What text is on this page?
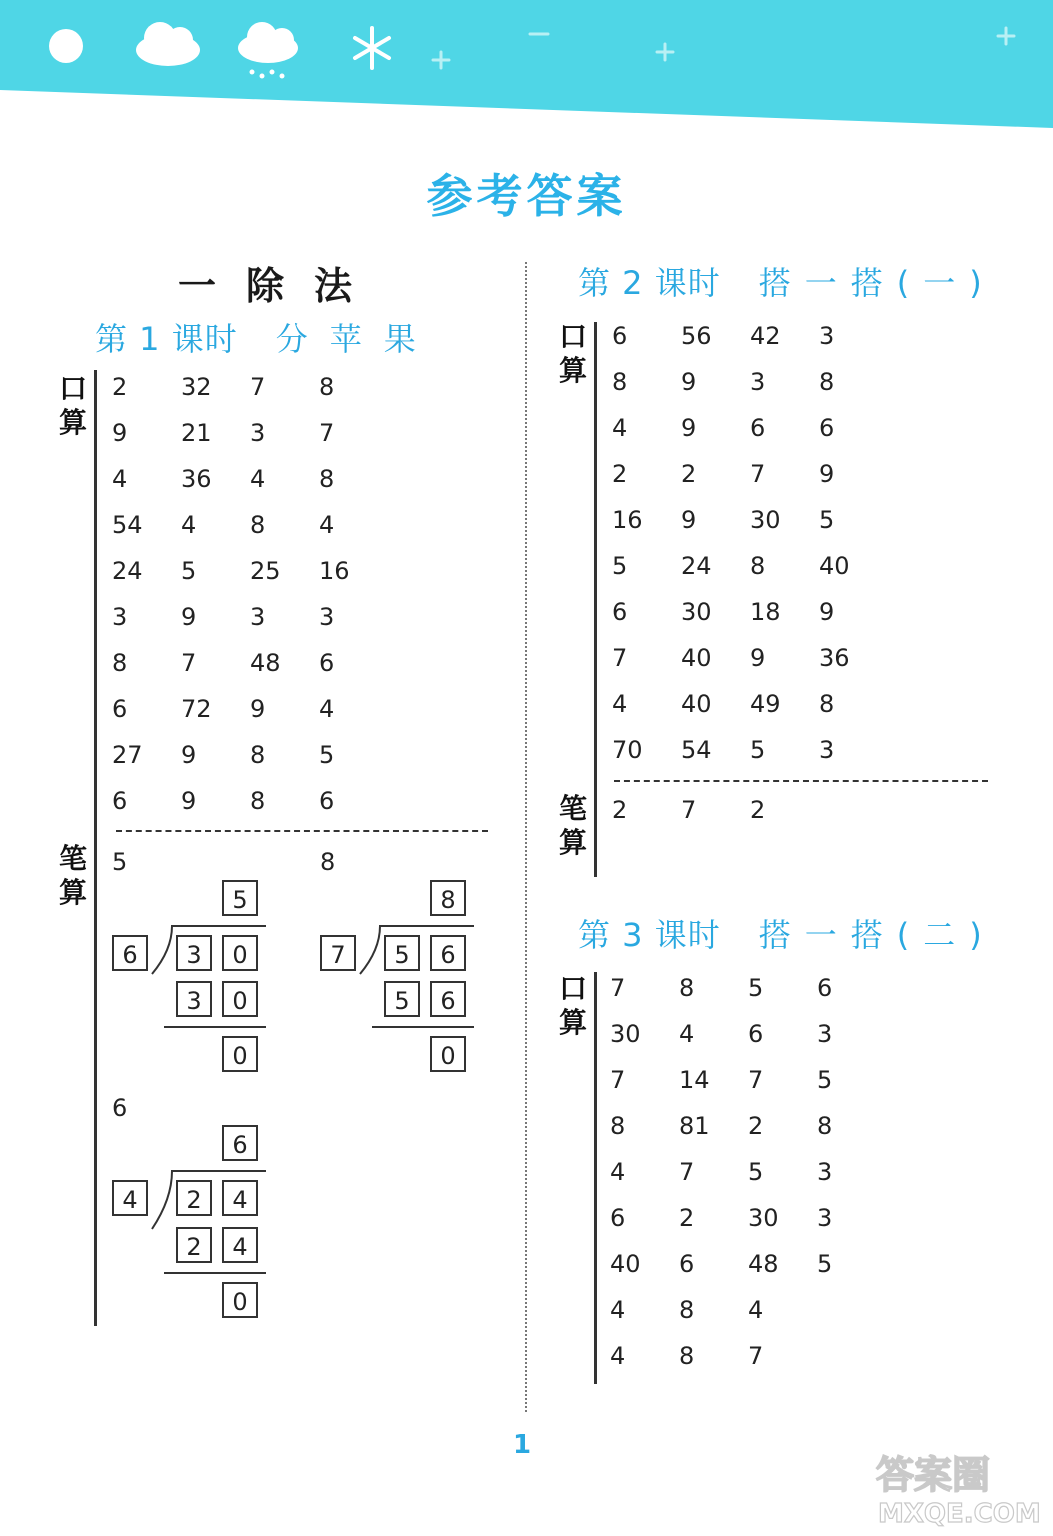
参考答案
一除法
第 1 课时 分苹果
第 2 课时 搭一搭(一)
第 3 课时 搭一搭(二)
口算
2	32	7	8
9	21	3	7
4	36	4	8
54	4	8	4
24	5	25	16
3	9	3	3
8	7	48	6
6	72	9	4
27	9	8	5
6	9	8	6
笔算
5
5
6	3	0
3	0
0
8
8
7	5	6
5	6
0
6
6
4	2	4
2	4
0
口算
6	56	42	3
8	9	3	8
4	9	6	6
2	2	7	9
16	9	30	5
5	24	8	40
6	30	18	9
7	40	9	36
4	40	49	8
70	54	5	3
笔算
2	7	2
口算
7	8	5	6
30	4	6	3
7	14	7	5
8	81	2	8
4	7	5	3
6	2	30	3
40	6	48	5
4	8	4
4	8	7
1
答案圈
MXQE.COM
